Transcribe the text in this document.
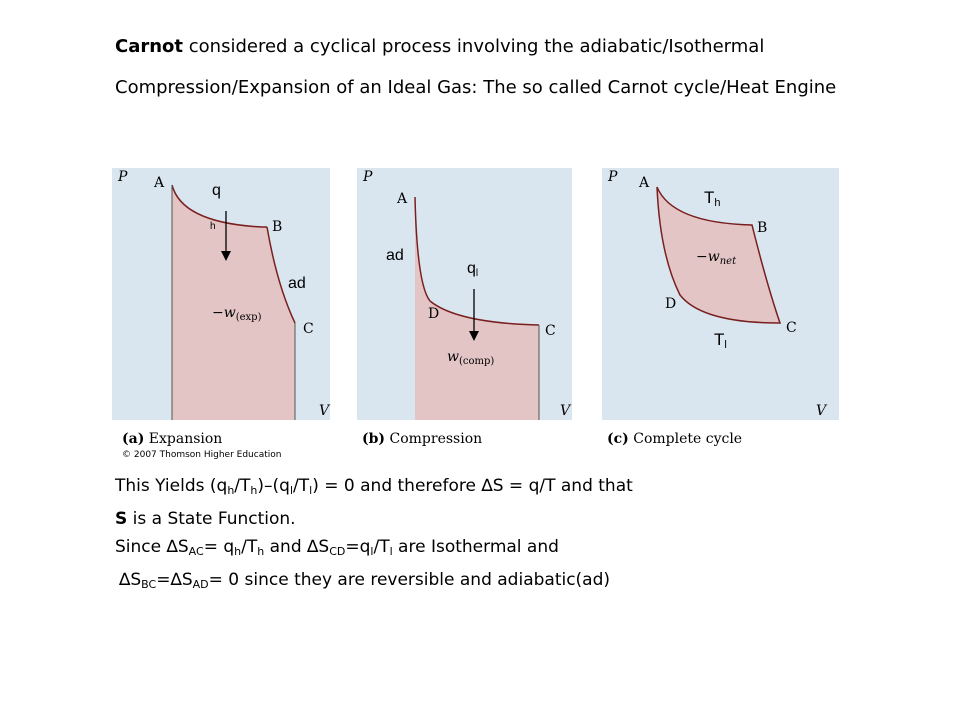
Carnot considered a cyclical process involving the adiabatic/Isothermal
Compression/Expansion of an Ideal Gas: The so called Carnot cycle/Heat Engine
P
V
A
B
C
$-w_{(exp)}$
q
h
ad
(a) Expansion
P
V
A
D
C
$w_{(comp)}$
ad
ql
(b) Compression
P
V
A
B
C
D
$-w_{net}$
Th
Tl
(c) Complete cycle
© 2007 Thomson Higher Education
This Yields $(q_h/T_h)-(q_l/T_l) = 0$ and therefore ∆S = q/T and that
S is a State Function.
Since $\Delta S_{AC}= q_h/T_h$ and $\Delta S_{CD}=q_l/T_l$ are Isothermal and
$\Delta S_{BC}=\Delta S_{AD}= 0$ since they are reversible and adiabatic(ad)
